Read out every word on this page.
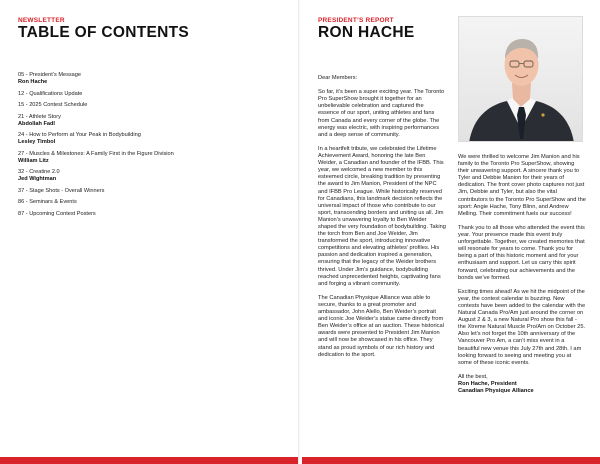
NEWSLETTER
TABLE OF CONTENTS
05 - President’s Message
Ron Hache
12 - Qualifications Update
15 - 2025 Contest Schedule
21 - Athlete Story
Abdollah Fadl
24 - How to Perform at Your Peak in Bodybuilding
Lesley Timbol
27 - Muscles & Milestones: A Family First in the Figure Division
William Litz
32 - Creatine 2.0
Jed Wightman
37 - Stage Shots - Overall Winners
86 - Seminars & Events
87 - Upcoming Contest Posters
PRESIDENT’S REPORT
RON HACHE

Dear Members:

So far, it’s been a super exciting year. The Toronto Pro SuperShow brought it together for an unbelievable celebration and captured the essence of our sport, uniting athletes and fans from Canada and every corner of the globe. The energy was electric, with inspiring performances and a deep sense of community.

In a heartfelt tribute, we celebrated the Lifetime Achievement Award, honoring the late Ben Weider, a Canadian and founder of the IFBB. This year, we welcomed a new member to this esteemed circle, breaking tradition by presenting the award to Jim Manion, President of the NPC and IFBB Pro League. While historically reserved for Canadians, this landmark decision reflects the universal impact of those who contribute to our sport, transcending borders and uniting us all. Jim Manion’s unwavering loyalty to Ben Weider shaped the very foundation of bodybuilding. Taking the torch from Ben and Joe Weider, Jim transformed the sport, introducing innovative competitions and elevating athletes’ profiles. His passion and dedication inspired a generation, ensuring that the legacy of the Weider brothers thrived. Under Jim’s guidance, bodybuilding reached unprecedented heights, captivating fans and forging a vibrant community.

The Canadian Physique Alliance was able to secure, thanks to a great promoter and ambassador, John Alello, Ben Weider’s portrait and iconic Joe Weider’s statue came directly from Ben Weider’s office at an auction. These historical awards were presented to President Jim Manion and will now be showcased in his office. They stand as proud symbols of our rich history and dedication to the sport.

We were thrilled to welcome Jim Manion and his family to the Toronto Pro SuperShow, showing their unwavering support. A sincere thank you to Tyler and Debbie Manion for their years of dedication. The front cover photo captures not just Jim, Debbie and Tyler, but also the vital contributors to the Toronto Pro SuperShow and the sport: Angie Hache, Tony Blinn, and Andrew Melling. Their commitment fuels our success!

Thank you to all those who attended the event this year. Your presence made this event truly unforgettable. Together, we created memories that will resonate for years to come. Thank you for being a part of this historic moment and for your enthusiasm and support. Let us carry this spirit forward, celebrating our achievements and the bonds we’ve formed.

Exciting times ahead! As we hit the midpoint of the year, the contest calendar is buzzing. New contests have been added to the calendar with the Natural Canada Pro/Am just around the corner on August 2 & 3, a new Natural Pro show this fall - the Xtreme Natural Muscle Pro/Am on October 25. Also let’s not forget the 10th anniversary of the Vancouver Pro Am, a can’t miss event in a beautiful new venue this July 27th and 28th. I am looking forward to seeing and meeting you at some of these iconic events.

All the best,
Ron Hache, President
Canadian Physique Alliance
